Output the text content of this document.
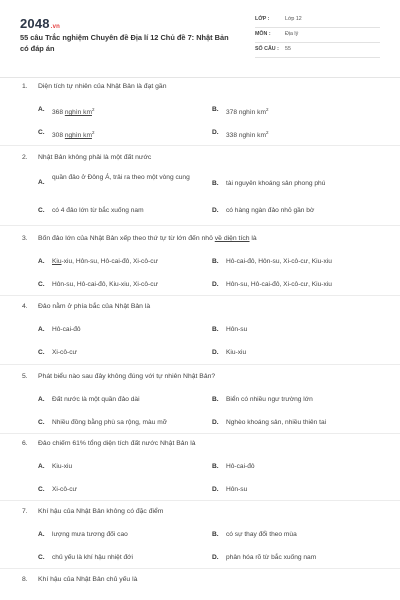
2048.vn
55 câu Trắc nghiệm Chuyên đề Địa lí 12 Chủ đề 7: Nhật Bản có đáp án
LỚP :	Lớp 12
MÔN :	Địa lý
SỐ CÂU : 55
1. Diện tích tự nhiên của Nhật Bản là đạt gần
A. 368 nghìn $km^2$	B. 378 nghìn $km^2$
C. 308 nghìn $km^2$	D. 338 nghìn $km^2$
2. Nhật Bản không phải là một đất nước
A.
quần đảo ở Đông Á, trải ra theo một vòng cung
B. tài nguyên khoáng sản phong phú
C. có 4 đảo lớn từ bắc xuống nam	D. có hàng ngàn đảo nhỏ gần bờ
3. Bốn đảo lớn của Nhật Bản xếp theo thứ tự từ lớn đến nhỏ về diện tích là
A. Kiu-xiu, Hôn-su, Hô-cai-đô, Xi-cô-cư	B. Hô-cai-đô, Hôn-su, Xi-cô-cư, Kiu-xiu
C. Hôn-su, Hô-cai-đô, Kiu-xiu, Xi-cô-cư	D. Hôn-su, Hô-cai-đô, Xi-cô-cư, Kiu-xiu
4. Đảo nằm ở phía bắc của Nhật Bản là
A. Hô-cai-đô	B. Hôn-su
C. Xi-cô-cư	D. Kiu-xiu
5. Phát biểu nào sau đây không đúng với tự nhiên Nhật Bản?
A. Đất nước là một quần đảo dài	B. Biển có nhiều ngư trường lớn
C. Nhiều đồng bằng phù sa rộng, màu mỡ	D. Nghèo khoáng sản, nhiều thiên tai
6. Đảo chiếm 61% tổng diện tích đất nước Nhật Bản là
A. Kiu-xiu	B. Hô-cai-đô
C. Xi-cô-cư	D. Hôn-su
7. Khí hậu của Nhật Bản không có đặc điểm
A. lượng mưa tương đối cao	B. có sự thay đổi theo mùa
C. chủ yếu là khí hậu nhiệt đới	D. phân hóa rõ từ bắc xuống nam
8. Khí hậu của Nhật Bản chủ yếu là
